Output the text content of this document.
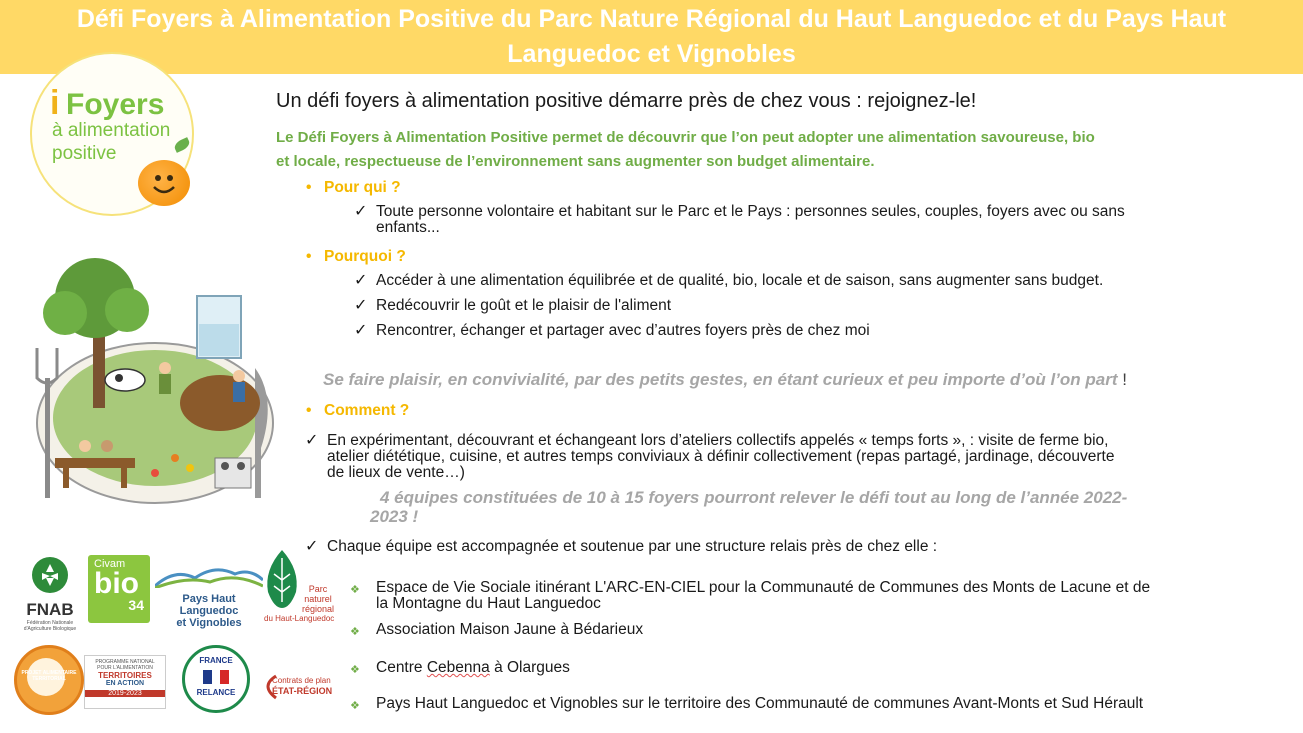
Défi Foyers à Alimentation Positive du Parc Nature Régional du Haut Languedoc et du Pays Haut Languedoc et Vignobles

i Foyers
à alimentation
positive
Un défi foyers à alimentation positive démarre près de chez vous : rejoignez-le!
Le Défi Foyers à Alimentation Positive permet de découvrir que l’on peut adopter une alimentation savoureuse, bio
et locale, respectueuse de l’environnement sans augmenter son budget alimentaire.
• Pour qui ?
✓ Toute personne volontaire et habitant sur le Parc et le Pays : personnes seules, couples, foyers avec ou sans
enfants...
• Pourquoi ?
✓ Accéder à une alimentation équilibrée et de qualité, bio, locale et de saison, sans augmenter sans budget.
✓ Redécouvrir le goût et le plaisir de l'aliment
✓ Rencontrer, échanger et partager avec d’autres foyers près de chez moi
Se faire plaisir, en convivialité, par des petits gestes, en étant curieux et peu importe d’où l’on part !
• Comment ?
✓ En expérimentant, découvrant et échangeant lors d’ateliers collectifs appelés « temps forts », : visite de ferme bio,
atelier diététique, cuisine, et autres temps conviviaux à définir collectivement (repas partagé, jardinage, découverte
de lieux de vente…)
4 équipes constituées de 10 à 15 foyers pourront relever le défi tout au long de l’année 2022-
2023 !
✓ Chaque équipe est accompagnée et soutenue par une structure relais près de chez elle :
❖	Espace de Vie Sociale itinérant L'ARC-EN-CIEL pour la Communauté de Communes des Monts de Lacune et de
la Montagne du Haut Languedoc
❖	Association Maison Jaune à Bédarieux
❖	Centre Cebenna à Olargues
❖	Pays Haut Languedoc et Vignobles sur le territoire des Communauté de communes Avant-Monts et Sud Hérault
FNAB
Fédération Nationale d'Agriculture Biologique
Civam
bio
34	Pays Haut Languedoc
et Vignobles
Parc
naturel
régional
du Haut-Languedoc
PROJET ALIMENTAIRE TERRITORIAL
PROGRAMME NATIONAL
POUR L'ALIMENTATION
TERRITOIRES
EN ACTION
2019-2023
FRANCE
RELANCE
Contrats de plan
ÉTAT-RÉGION
